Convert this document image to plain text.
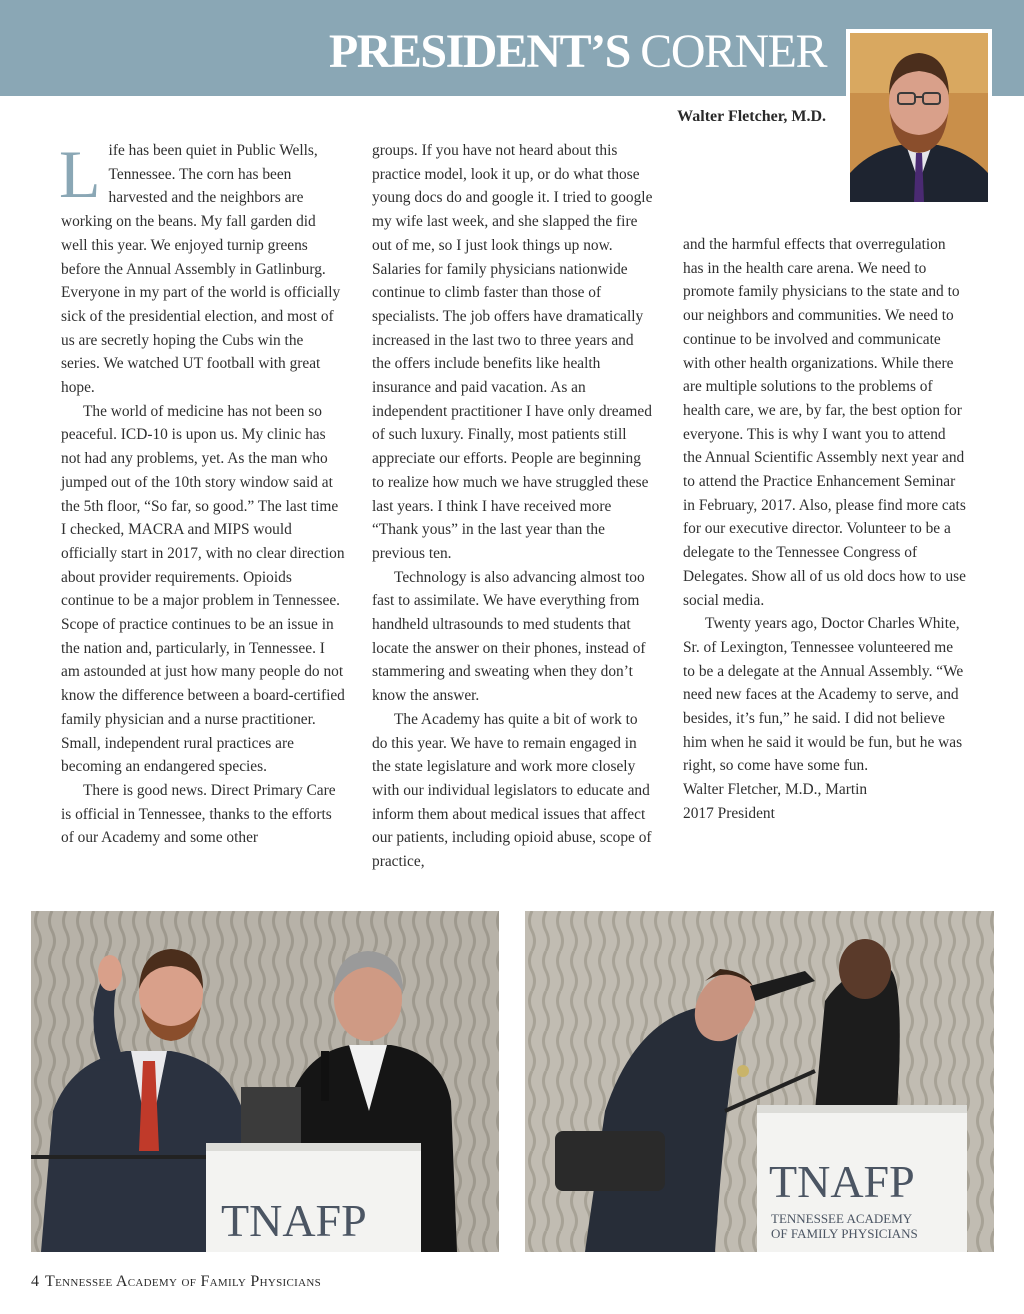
PRESIDENT’S CORNER
Walter Fletcher, M.D.

Life has been quiet in Public Wells, Tennessee. The corn has been harvested and the neighbors are working on the beans. My fall garden did well this year. We enjoyed turnip greens before the Annual Assembly in Gatlinburg. Everyone in my part of the world is officially sick of the presidential election, and most of us are secretly hoping the Cubs win the series. We watched UT football with great hope.

The world of medicine has not been so peaceful. ICD-10 is upon us. My clinic has not had any problems, yet. As the man who jumped out of the 10th story window said at the 5th floor, “So far, so good.” The last time I checked, MACRA and MIPS would officially start in 2017, with no clear direction about provider requirements. Opioids continue to be a major problem in Tennessee. Scope of practice continues to be an issue in the nation and, particularly, in Tennessee. I am astounded at just how many people do not know the difference between a board-certified family physician and a nurse practitioner. Small, independent rural practices are becoming an endangered species.

There is good news. Direct Primary Care is official in Tennessee, thanks to the efforts of our Academy and some other

groups. If you have not heard about this practice model, look it up, or do what those young docs do and google it. I tried to google my wife last week, and she slapped the fire out of me, so I just look things up now. Salaries for family physicians nationwide continue to climb faster than those of specialists. The job offers have dramatically increased in the last two to three years and the offers include benefits like health insurance and paid vacation. As an independent practitioner I have only dreamed of such luxury. Finally, most patients still appreciate our efforts. People are beginning to realize how much we have struggled these last years. I think I have received more “Thank yous” in the last year than the previous ten.

Technology is also advancing almost too fast to assimilate. We have everything from handheld ultrasounds to med students that locate the answer on their phones, instead of stammering and sweating when they don’t know the answer.

The Academy has quite a bit of work to do this year. We have to remain engaged in the state legislature and work more closely with our individual legislators to educate and inform them about medical issues that affect our patients, including opioid abuse, scope of practice,

and the harmful effects that overregulation has in the health care arena. We need to promote family physicians to the state and to our neighbors and communities. We need to continue to be involved and communicate with other health organizations. While there are multiple solutions to the problems of health care, we are, by far, the best option for everyone. This is why I want you to attend the Annual Scientific Assembly next year and to attend the Practice Enhancement Seminar in February, 2017. Also, please find more cats for our executive director. Volunteer to be a delegate to the Tennessee Congress of Delegates. Show all of us old docs how to use social media.

Twenty years ago, Doctor Charles White, Sr. of Lexington, Tennessee volunteered me to be a delegate at the Annual Assembly. “We need new faces at the Academy to serve, and besides, it’s fun,” he said. I did not believe him when he said it would be fun, but he was right, so come have some fun.

Walter Fletcher, M.D., Martin

2017 President

TNAFP
TNAFP
TENNESSEE ACADEMY
OF FAMILY PHYSICIANS
4 Tennessee Academy of Family Physicians
